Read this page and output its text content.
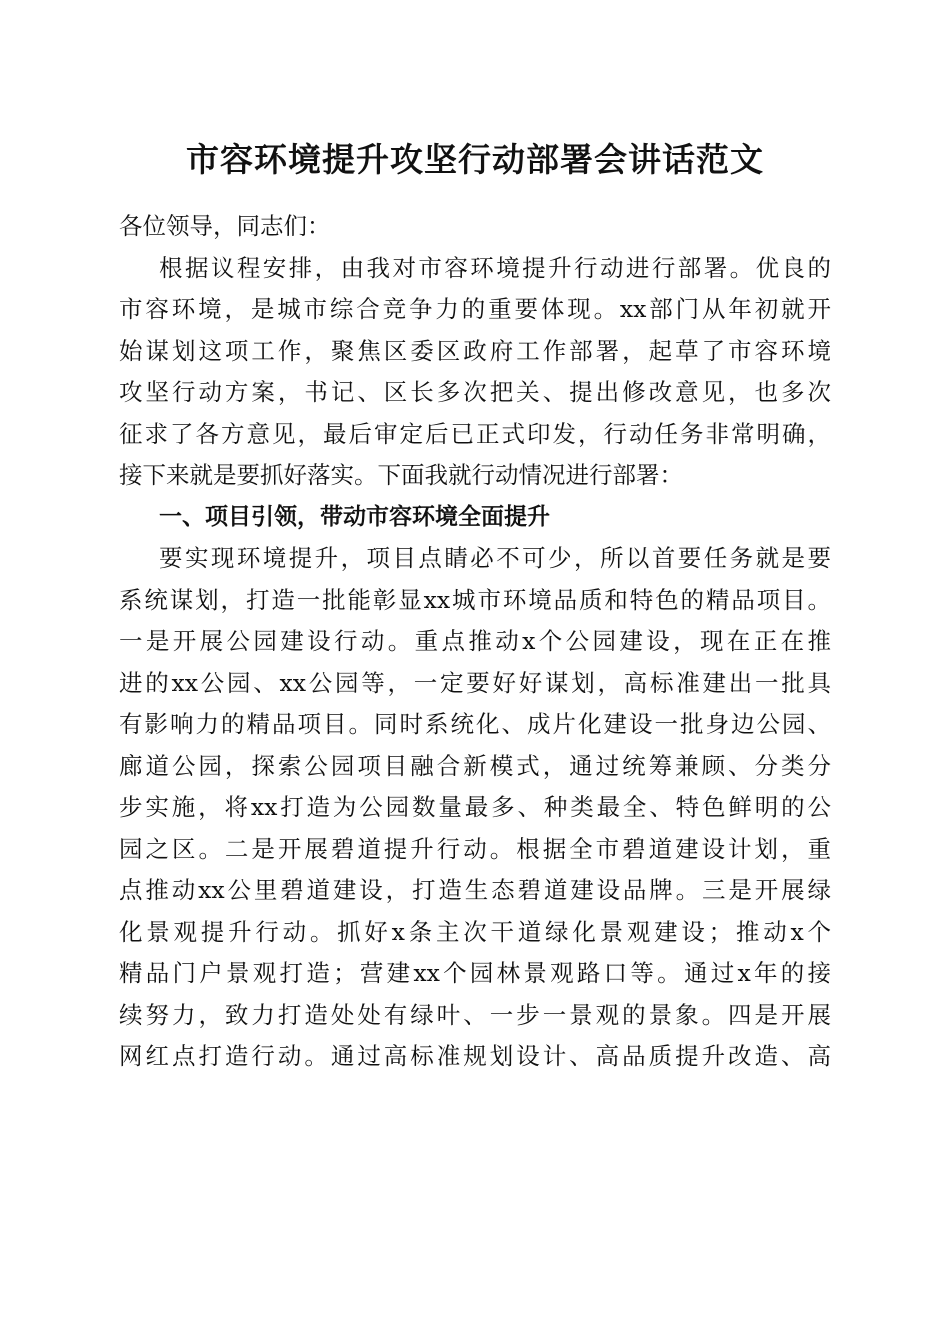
市容环境提升攻坚行动部署会讲话范文

各位领导，同志们：

根据议程安排，由我对市容环境提升行动进行部署。优良的
市容环境，是城市综合竞争力的重要体现。xx部门从年初就开
始谋划这项工作，聚焦区委区政府工作部署，起草了市容环境
攻坚行动方案，书记、区长多次把关、提出修改意见，也多次
征求了各方意见，最后审定后已正式印发，行动任务非常明确，
接下来就是要抓好落实。下面我就行动情况进行部署：

一、项目引领，带动市容环境全面提升

要实现环境提升，项目点睛必不可少，所以首要任务就是要
系统谋划，打造一批能彰显xx城市环境品质和特色的精品项目。
一是开展公园建设行动。重点推动x个公园建设，现在正在推
进的xx公园、xx公园等，一定要好好谋划，高标准建出一批具
有影响力的精品项目。同时系统化、成片化建设一批身边公园、
廊道公园，探索公园项目融合新模式，通过统筹兼顾、分类分
步实施，将xx打造为公园数量最多、种类最全、特色鲜明的公
园之区。二是开展碧道提升行动。根据全市碧道建设计划，重
点推动xx公里碧道建设，打造生态碧道建设品牌。三是开展绿
化景观提升行动。抓好x条主次干道绿化景观建设；推动x个
精品门户景观打造；营建xx个园林景观路口等。通过x年的接
续努力，致力打造处处有绿叶、一步一景观的景象。四是开展
网红点打造行动。通过高标准规划设计、高品质提升改造、高
